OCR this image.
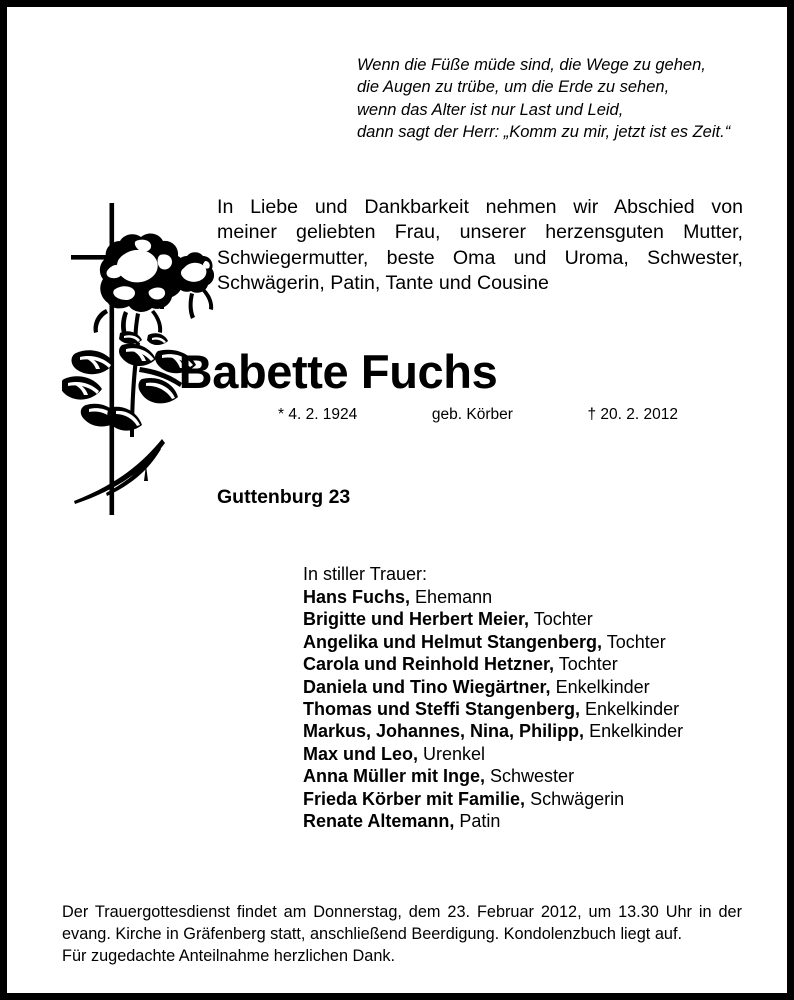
Wenn die Füße müde sind, die Wege zu gehen,
die Augen zu trübe, um die Erde zu sehen,
wenn das Alter ist nur Last und Leid,
dann sagt der Herr: „Komm zu mir, jetzt ist es Zeit.“
In Liebe und Dankbarkeit nehmen wir Abschied von
meiner geliebten Frau, unserer herzensguten Mutter,
Schwiegermutter, beste Oma und Uroma, Schwester,
Schwägerin, Patin, Tante und Cousine
Babette Fuchs
* 4. 2. 1924	geb. Körber	† 20. 2. 2012
Guttenburg 23
In stiller Trauer:
Hans Fuchs, Ehemann
Brigitte und Herbert Meier, Tochter
Angelika und Helmut Stangenberg, Tochter
Carola und Reinhold Hetzner, Tochter
Daniela und Tino Wiegärtner, Enkelkinder
Thomas und Steffi Stangenberg, Enkelkinder
Markus, Johannes, Nina, Philipp, Enkelkinder
Max und Leo, Urenkel
Anna Müller mit Inge, Schwester
Frieda Körber mit Familie, Schwägerin
Renate Altemann, Patin
Der Trauergottesdienst findet am Donnerstag, dem 23. Februar 2012, um 13.30 Uhr in der
evang. Kirche in Gräfenberg statt, anschließend Beerdigung. Kondolenzbuch liegt auf.
Für zugedachte Anteilnahme herzlichen Dank.
